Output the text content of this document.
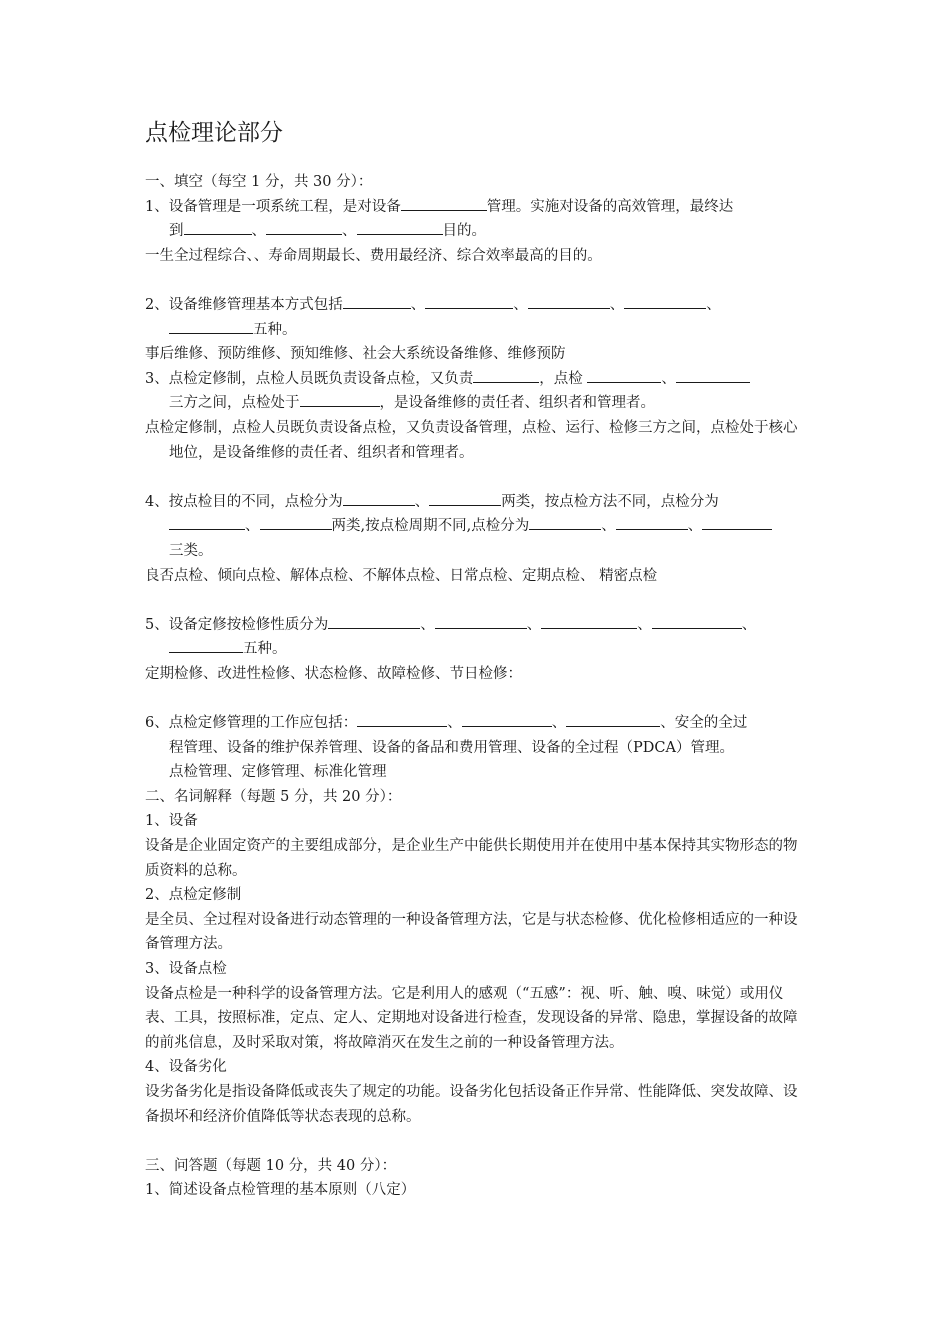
点检理论部分

一、填空（每空 1 分，共 30 分）：

1、设备管理是一项系统工程，是对设备	管理。实施对设备的高效管理，最终达

到	、	、	目的。

一生全过程综合、、寿命周期最长、费用最经济、综合效率最高的目的。

2、设备维修管理基本方式包括	、	、	、	、

五种。

事后维修、预防维修、预知维修、社会大系统设备维修、维修预防

3、点检定修制，点检人员既负责设备点检，又负责	，点检	、

三方之间，点检处于	，是设备维修的责任者、组织者和管理者。

点检定修制，点检人员既负责设备点检，又负责设备管理，点检、运行、检修三方之间，点检处于核心地位，是设备维修的责任者、组织者和管理者。

4、按点检目的不同，点检分为	、	两类，按点检方法不同，点检分为

、	两类,按点检周期不同,点检分为	、	、

三类。

良否点检、倾向点检、解体点检、不解体点检、日常点检、定期点检、 精密点检

5、设备定修按检修性质分为	、	、	、	、

五种。

定期检修、改进性检修、状态检修、故障检修、节日检修：

6、点检定修管理的工作应包括：	、	、	、安全的全过

程管理、设备的维护保养管理、设备的备品和费用管理、设备的全过程（PDCA）管理。

点检管理、定修管理、标准化管理

二、名词解释（每题 5 分，共 20 分）：

1、设备

设备是企业固定资产的主要组成部分，是企业生产中能供长期使用并在使用中基本保持其实物形态的物质资料的总称。

2、点检定修制

是全员、全过程对设备进行动态管理的一种设备管理方法，它是与状态检修、优化检修相适应的一种设备管理方法。

3、设备点检

设备点检是一种科学的设备管理方法。它是利用人的感观（“五感”：视、听、触、嗅、味觉）或用仪表、工具，按照标准，定点、定人、定期地对设备进行检查，发现设备的异常、隐患，掌握设备的故障的前兆信息，及时采取对策，将故障消灭在发生之前的一种设备管理方法。

4、设备劣化

设劣备劣化是指设备降低或丧失了规定的功能。设备劣化包括设备正作异常、性能降低、突发故障、设备损坏和经济价值降低等状态表现的总称。

三、问答题（每题 10 分，共 40 分）：

1、简述设备点检管理的基本原则（八定）
